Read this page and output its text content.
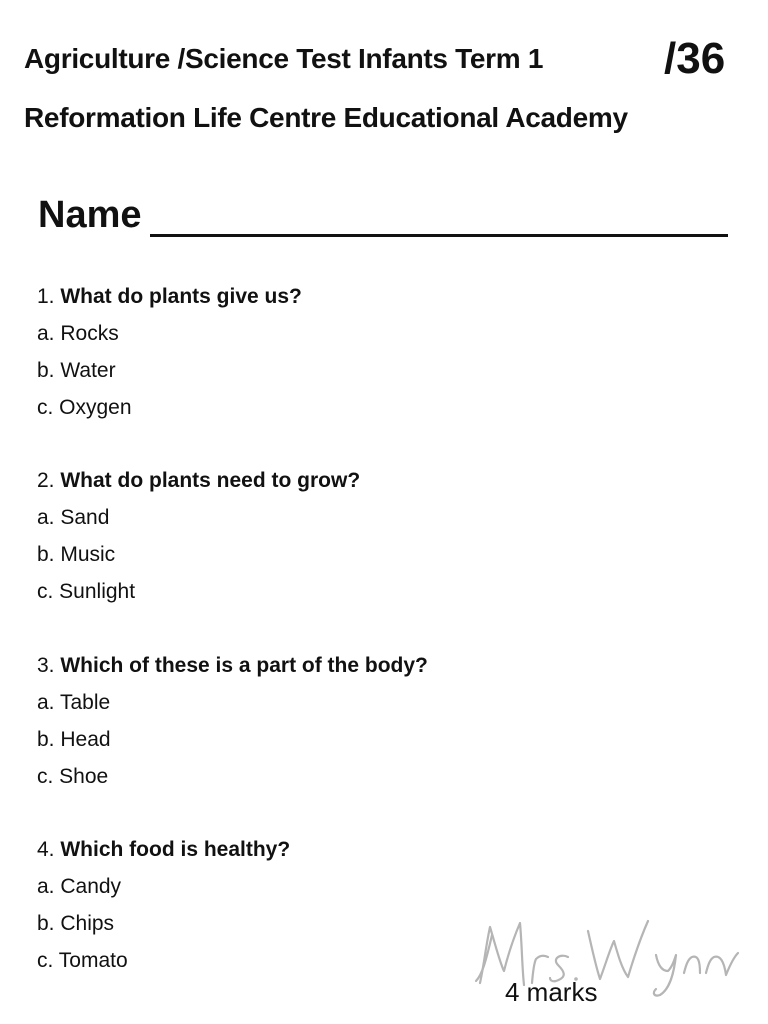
Agriculture /Science Test Infants Term 1
Reformation Life Centre Educational Academy
/36
Name
1. What do plants give us?
a. Rocks
b. Water
c. Oxygen
2. What do plants need to grow?
a. Sand
b. Music
c. Sunlight
3. Which of these is a part of the body?
a. Table
b. Head
c. Shoe
4. Which food is healthy?
a. Candy
b. Chips
c. Tomato
4 marks
